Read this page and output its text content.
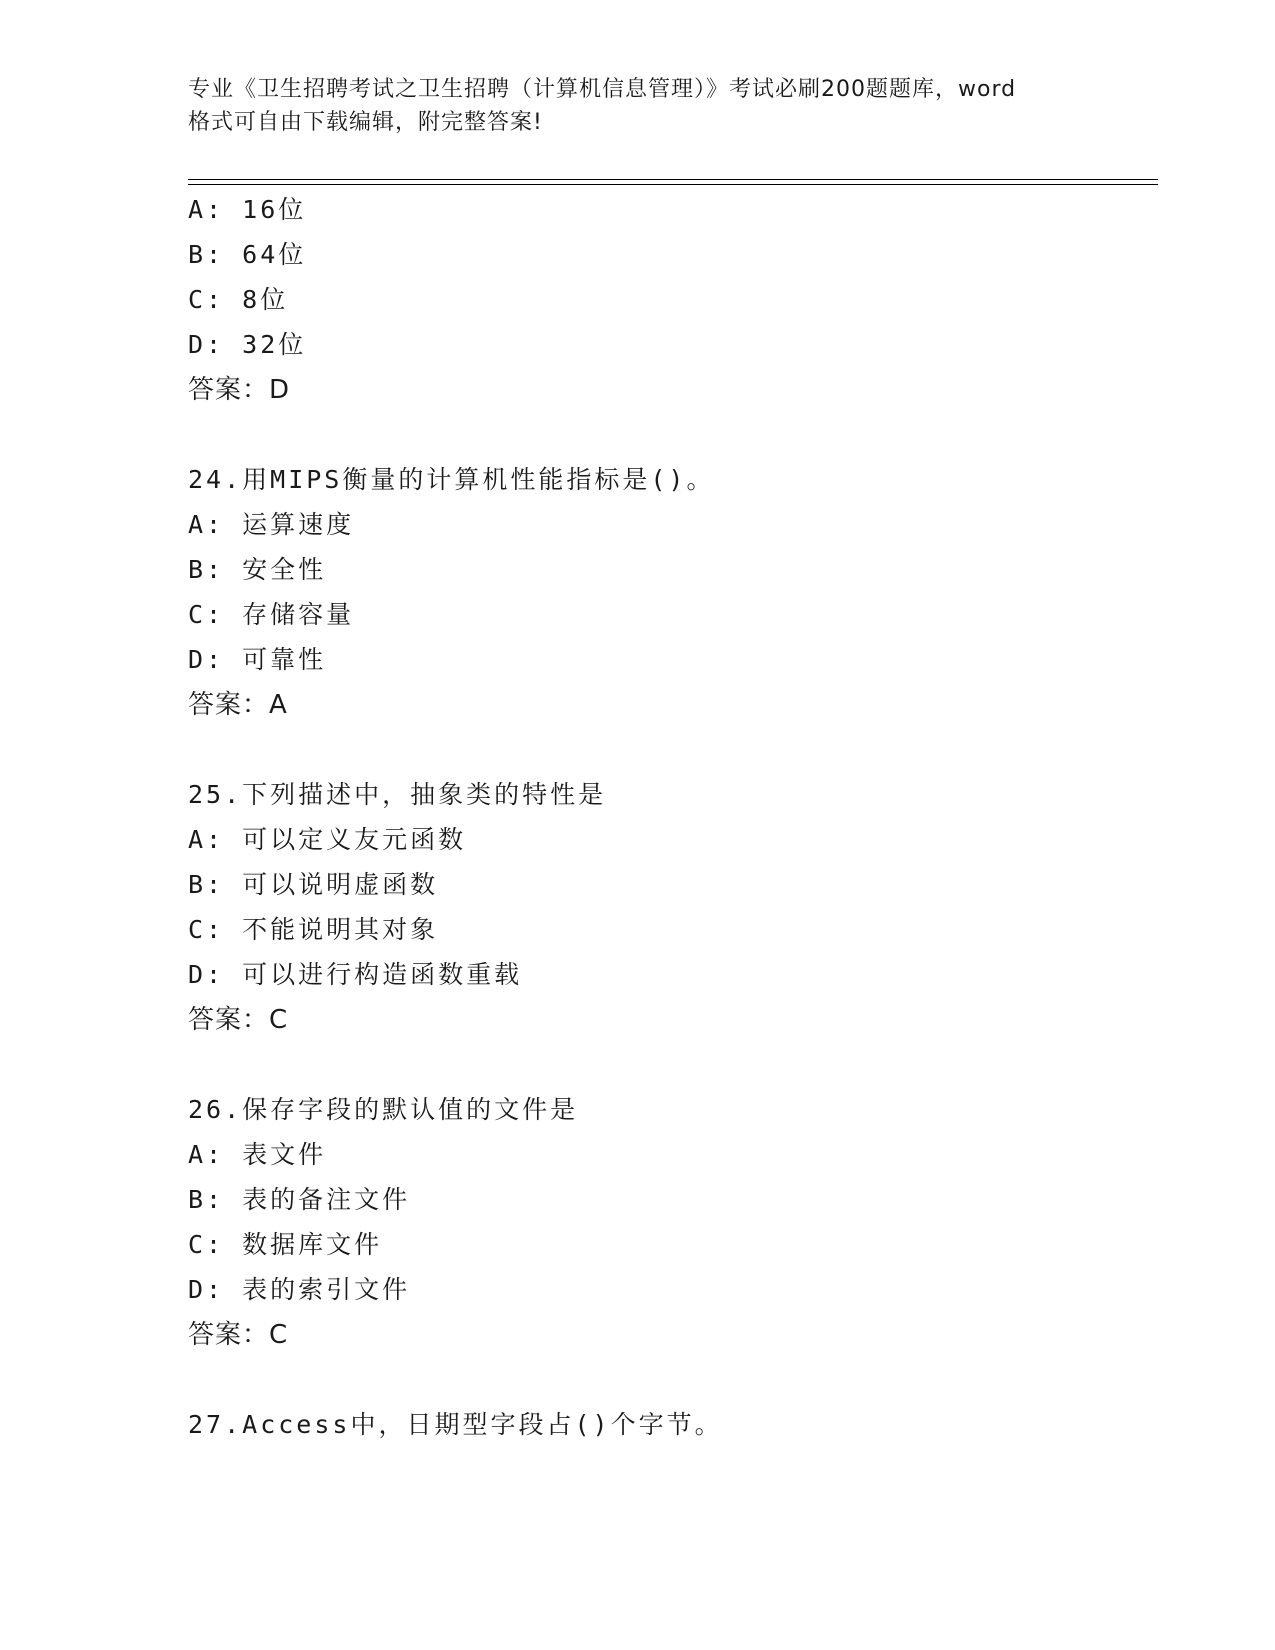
专业《卫生招聘考试之卫生招聘（计算机信息管理）》考试必刷200题题库，word
格式可自由下载编辑，附完整答案!
A: 16位
B: 64位
C: 8位
D: 32位
答案：D
24.用MIPS衡量的计算机性能指标是()。
A: 运算速度
B: 安全性
C: 存储容量
D: 可靠性
答案：A
25.下列描述中，抽象类的特性是
A: 可以定义友元函数
B: 可以说明虚函数
C: 不能说明其对象
D: 可以进行构造函数重载
答案：C
26.保存字段的默认值的文件是
A: 表文件
B: 表的备注文件
C: 数据库文件
D: 表的索引文件
答案：C
27.Access中，日期型字段占()个字节。
